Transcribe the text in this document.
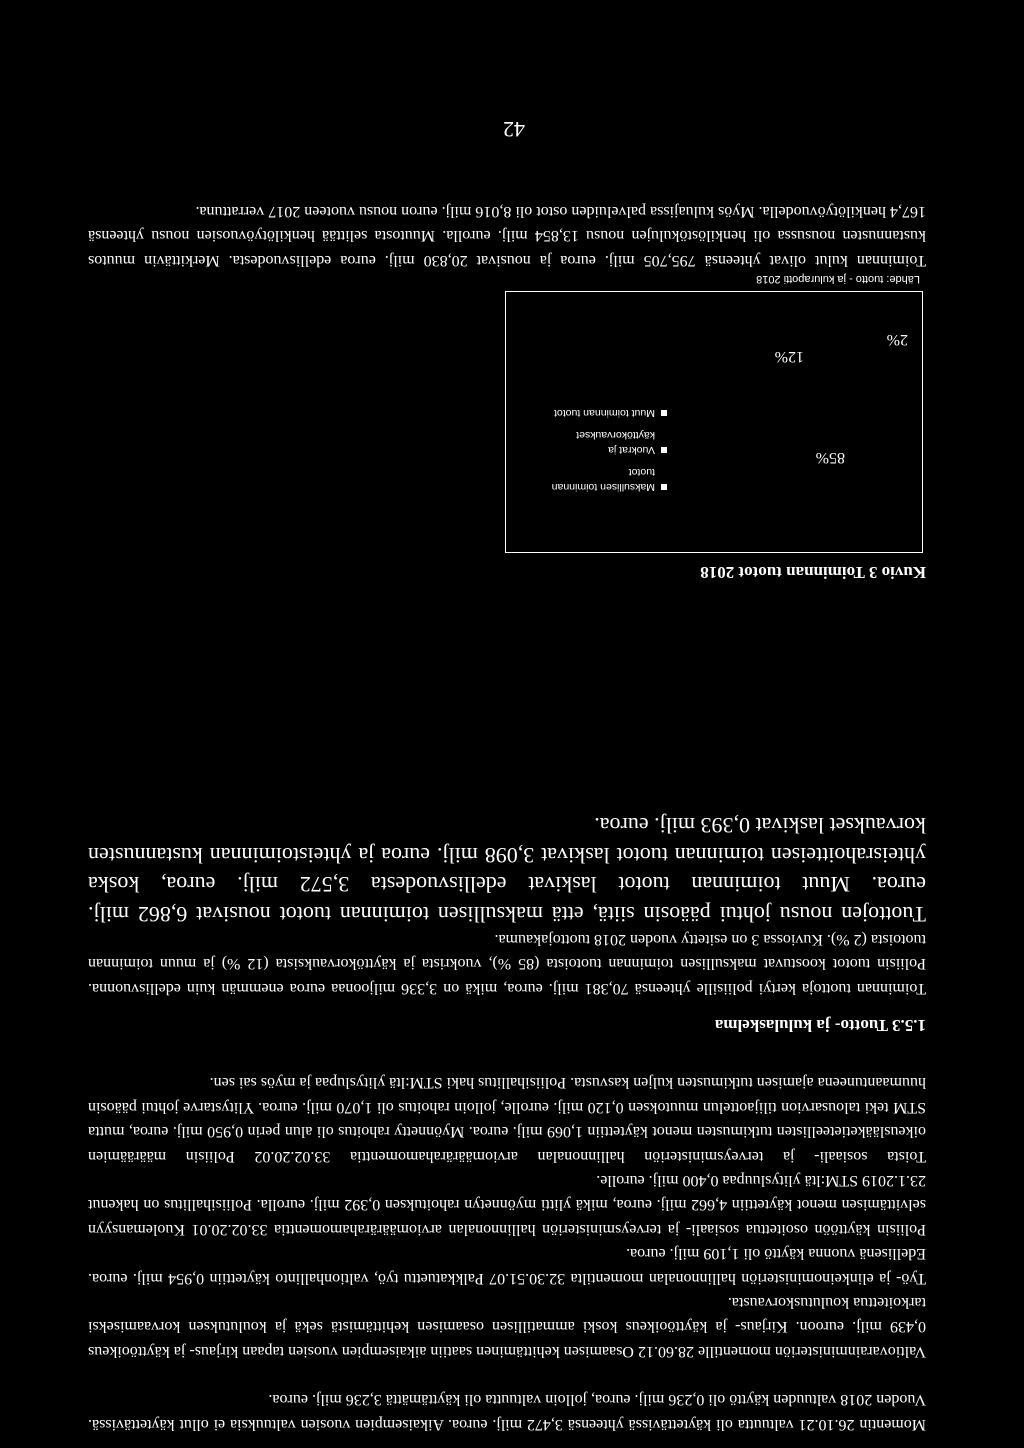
Momentin 26.10.21 valtuutta oli käytettävissä yhteensä 3,472 milj. euroa. Aikaisempien vuosien valtuuksia ei ollut käytettävissä. Vuoden 2018 valtuuden käyttö oli 0,236 milj. euroa, jolloin valtuutta oli käyttämättä 3,236 milj. euroa.

Valtiovarainministeriön momentille 28.60.12 Osaamisen kehittäminen saatiin aikaisempien vuosien tapaan kirjaus- ja käyttöoikeus 0,439 milj. euroon. Kirjaus- ja käyttöoikeus koski ammatillisen osaamisen kehittämistä sekä ja koulutuksen korvaamiseksi tarkoitettua koulutuskorvausta.

Työ- ja elinkeinoministeriön hallinnonalan momentilta 32.30.51.07 Palkkatuettu työ, valtionhallinto käytettiin 0,954 milj. euroa. Edellisenä vuonna käyttö oli 1,109 milj. euroa.

Poliisin käyttöön osoitettua sosiaali- ja terveysministeriön hallinnonalan arviomäärärahamomenttia 33.02.20.01 Kuolemansyyn selvittämisen menot käytettiin 4,662 milj. euroa, mikä ylitti myönnetyn rahoituksen 0,392 milj. eurolla. Poliisihallitus on hakenut 23.1.2019 STM:ltä ylitysluupaa 0,400 milj. eurolle.

Toista sosiaali- ja terveysministeriön hallinnonalan arviomäärärahamomenttia 33.02.20.02 Poliisin määräämien oikeuslääketieteellisten tutkimusten menot käytettiin 1,069 milj. euroa. Myönnetty rahoitus oli alun perin 0,950 milj. euroa, mutta STM teki talousarvion tilijaottelun muutoksen 0,120 milj. eurolle, jolloin rahoitus oli 1,070 milj. euroa. Ylitystarve johtui pääosin huumaantuneena ajamisen tutkimusten kuljen kasvusta. Poliisihallitus haki STM:ltä ylityslupaa ja myös sai sen.

1.5.3 Tuotto- ja kululaskelma

Toiminnan tuottoja kertyi poliisille yhteensä 70,381 milj. euroa, mikä on 3,336 miljoonaa euroa enemmän kuin edellisvuonna. Poliisin tuotot koostuvat maksullisen toiminnan tuotoista (85 %), vuokrista ja käyttökorvauksista (12 %) ja muun toiminnan tuotoista (2 %). Kuviossa 3 on esitetty vuoden 2018 tuottojakauma.

Tuottojen nousu johtui pääosin siitä, että maksullisen toiminnan tuotot nousivat 6,862 milj. euroa. Muut toiminnan tuotot laskivat edellisvuodesta 3,572 milj. euroa, koska yhteisrahoitteisen toiminnan tuotot laskivat 3,098 milj. euroa ja yhteistoiminnan kustannusten korvaukset laskivat 0,393 milj. euroa.

Kuvio 3 Toiminnan tuotot 2018
85%
12%
2%
Maksullisen toiminnan tuotot
Vuokrat ja käyttökorvaukset
Muut toiminnan tuotot
Lähde: tuotto - ja kulurapotti 2018

Toiminnan kulut olivat yhteensä 795,705 milj. euroa ja nousivat 20,830 milj. euroa edellisvuodesta. Merkittävin muutos kustannusten nousussa oli henkilöstökulujen nousu 13,854 milj. eurolla. Muutosta selittää henkilötyövuosien nousu yhteensä 167,4 henkilötyövuodella. Myös kuluajissa palveluiden ostot oli 8,016 milj. euron nousu vuoteen 2017 verrattuna.

42
